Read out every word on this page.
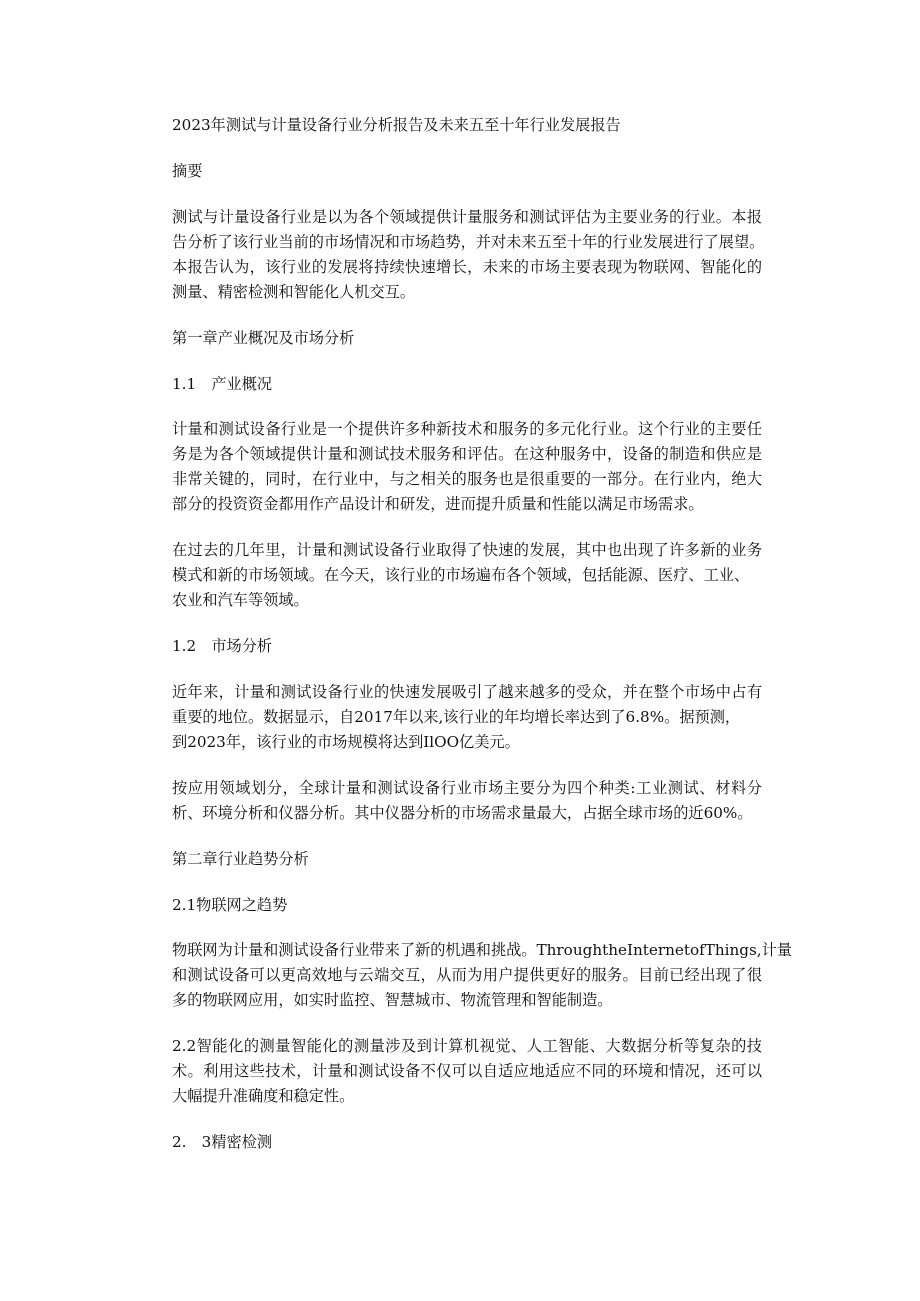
2023年测试与计量设备行业分析报告及未来五至十年行业发展报告
摘要
测试与计量设备行业是以为各个领域提供计量服务和测试评估为主要业务的行业。本报
告分析了该行业当前的市场情况和市场趋势，并对未来五至十年的行业发展进行了展望。
本报告认为，该行业的发展将持续快速增长，未来的市场主要表现为物联网、智能化的
测量、精密检测和智能化人机交互。
第一章产业概况及市场分析
1.1　产业概况
计量和测试设备行业是一个提供许多种新技术和服务的多元化行业。这个行业的主要任
务是为各个领域提供计量和测试技术服务和评估。在这种服务中，设备的制造和供应是
非常关键的，同时，在行业中，与之相关的服务也是很重要的一部分。在行业内，绝大
部分的投资资金都用作产品设计和研发，进而提升质量和性能以满足市场需求。
在过去的几年里，计量和测试设备行业取得了快速的发展，其中也出现了许多新的业务
模式和新的市场领域。在今天，该行业的市场遍布各个领域，包括能源、医疗、工业、
农业和汽车等领域。
1.2　市场分析
近年来，计量和测试设备行业的快速发展吸引了越来越多的受众，并在整个市场中占有
重要的地位。数据显示，自2017年以来,该行业的年均增长率达到了6.8%。据预测，
到2023年，该行业的市场规模将达到IlOO亿美元。
按应用领域划分，全球计量和测试设备行业市场主要分为四个种类:工业测试、材料分
析、环境分析和仪器分析。其中仪器分析的市场需求量最大，占据全球市场的近60%。
第二章行业趋势分析
2.1物联网之趋势
物联网为计量和测试设备行业带来了新的机遇和挑战。ThroughtheInternetofThings,计量
和测试设备可以更高效地与云端交互，从而为用户提供更好的服务。目前已经出现了很
多的物联网应用，如实时监控、智慧城市、物流管理和智能制造。
2.2智能化的测量智能化的测量涉及到计算机视觉、人工智能、大数据分析等复杂的技
术。利用这些技术，计量和测试设备不仅可以自适应地适应不同的环境和情况，还可以
大幅提升准确度和稳定性。
2.　3精密检测
